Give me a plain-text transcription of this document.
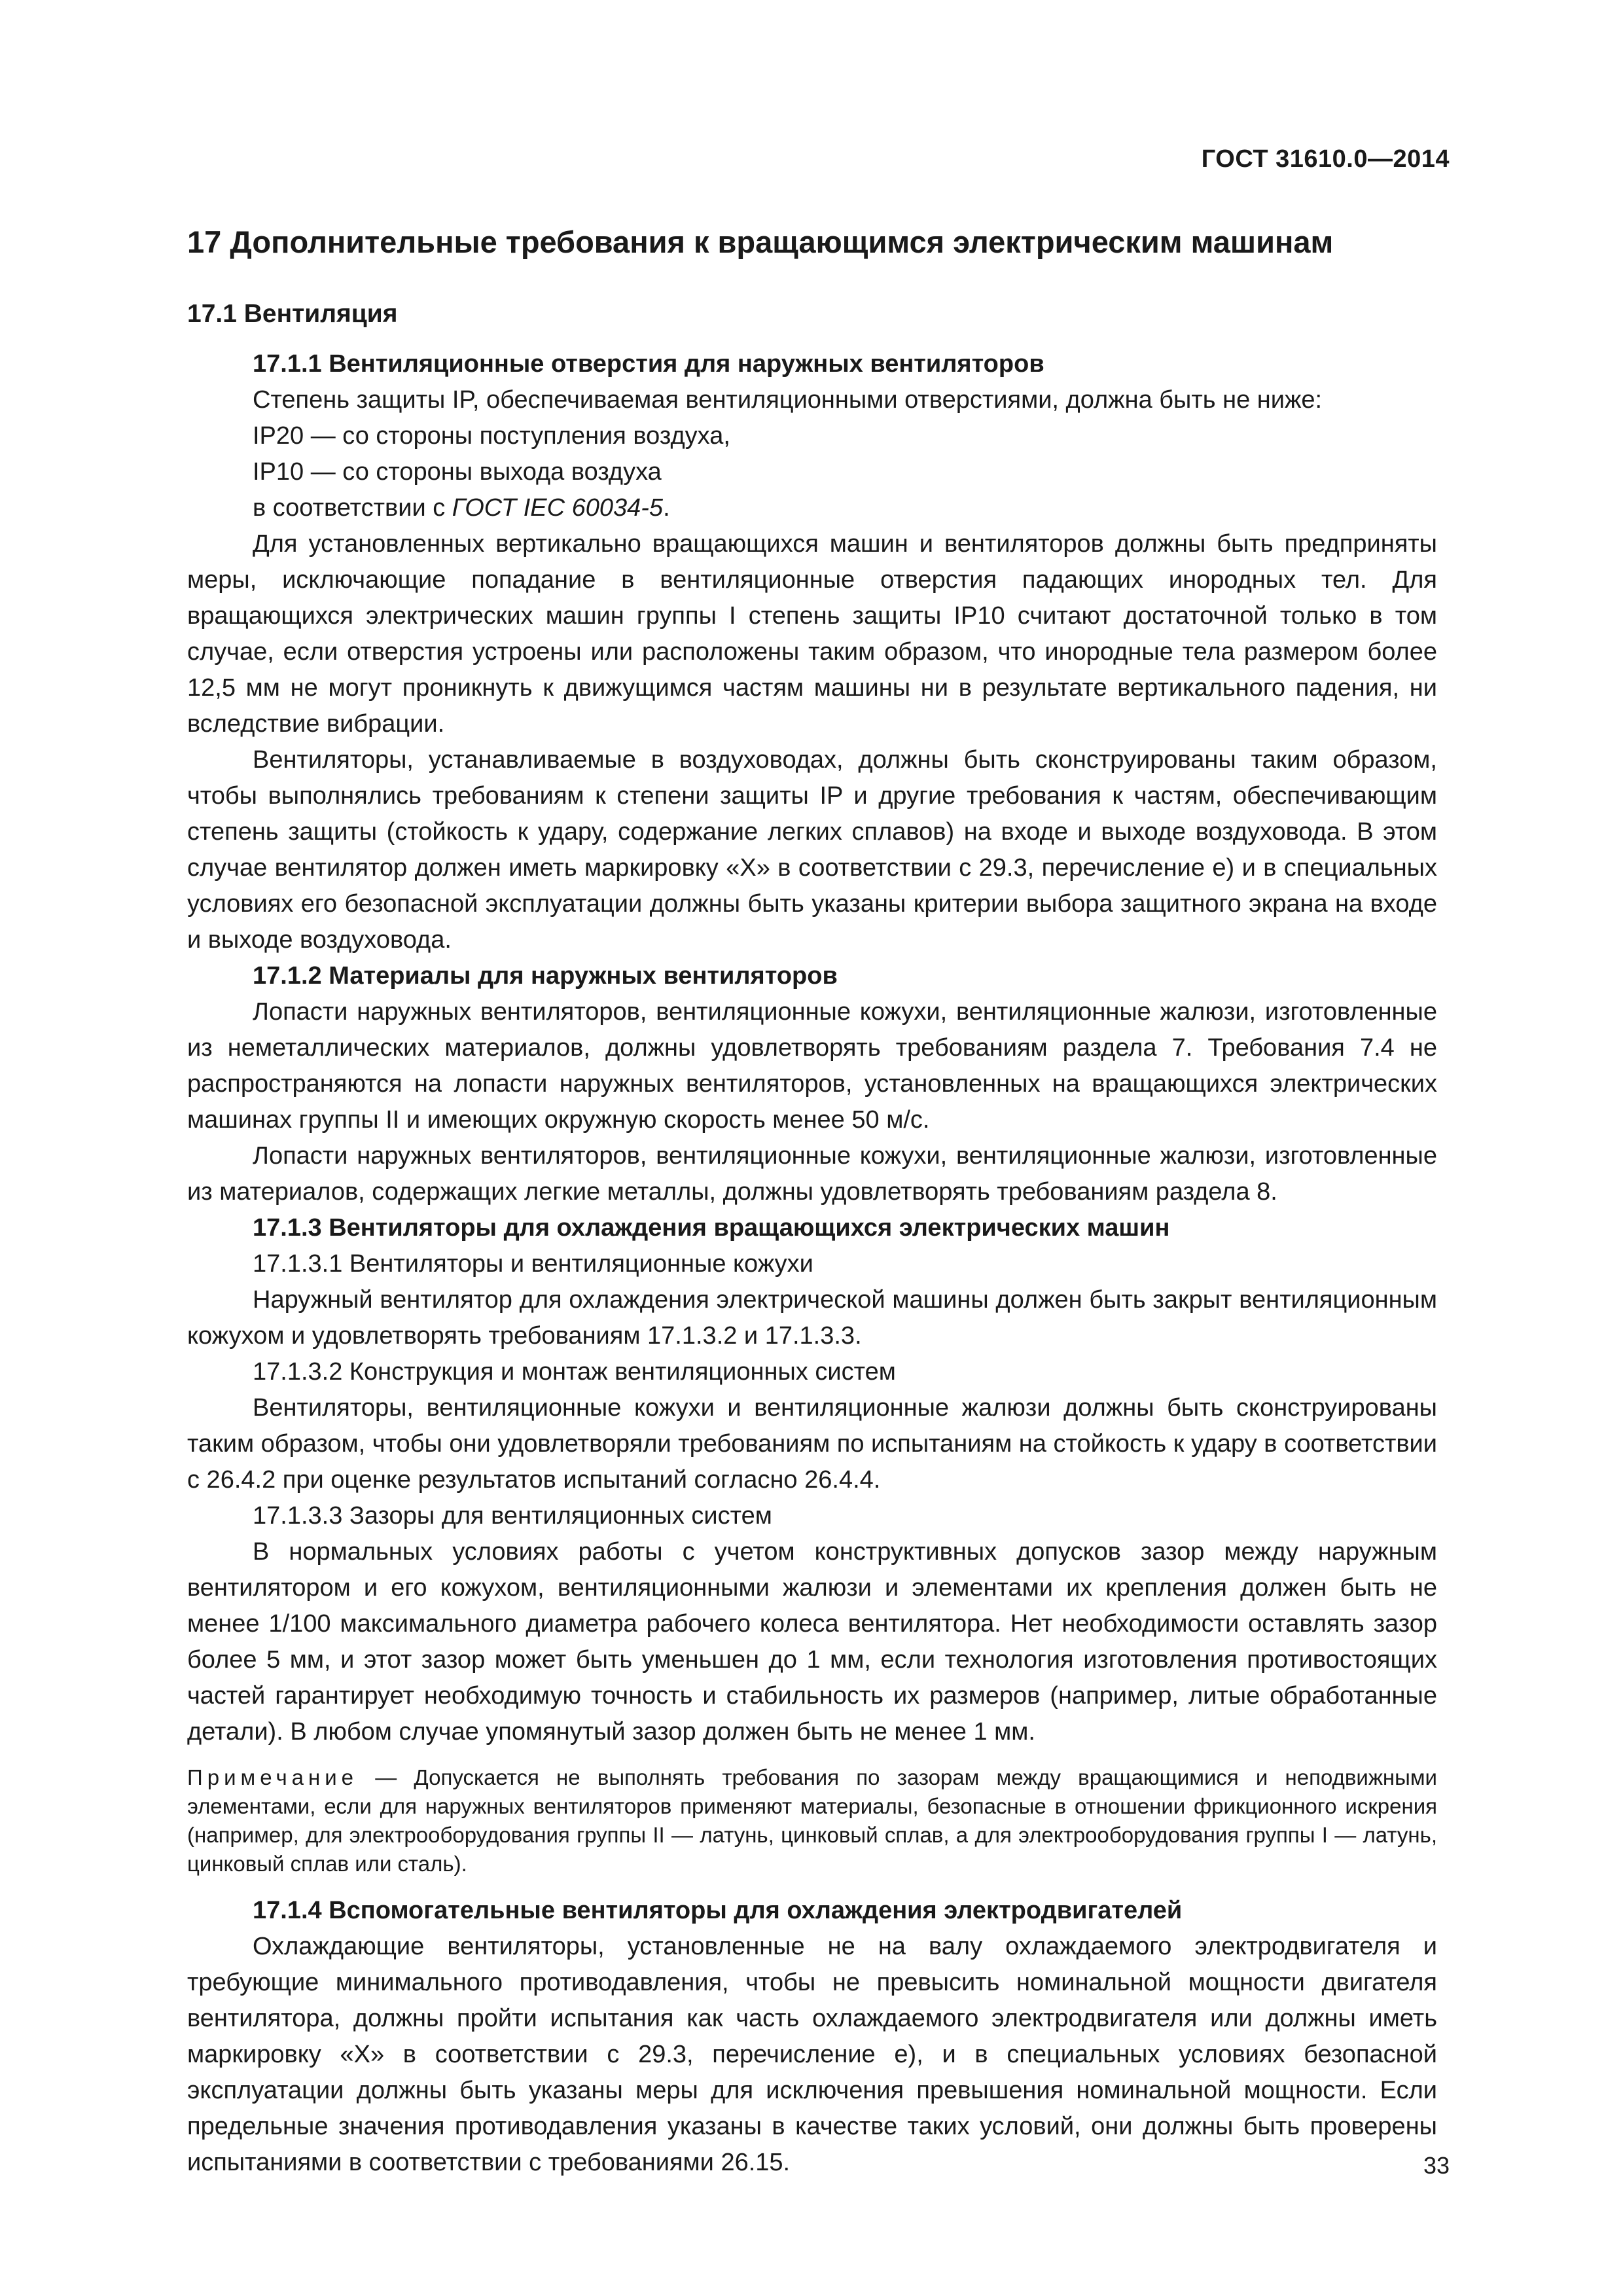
ГОСТ 31610.0—2014
17 Дополнительные требования к вращающимся электрическим машинам
17.1 Вентиляция
17.1.1 Вентиляционные отверстия для наружных вентиляторов
Степень защиты IP, обеспечиваемая вентиляционными отверстиями, должна быть не ниже:
IP20 — со стороны поступления воздуха,
IP10 — со стороны выхода воздуха
в соответствии с ГОСТ IEC 60034-5.

Для установленных вертикально вращающихся машин и вентиляторов должны быть предприняты меры, исключающие попадание в вентиляционные отверстия падающих инородных тел. Для вращающихся электрических машин группы I степень защиты IP10 считают достаточной только в том случае, если отверстия устроены или расположены таким образом, что инородные тела размером более 12,5 мм не могут проникнуть к движущимся частям машины ни в результате вертикального падения, ни вследствие вибрации.

Вентиляторы, устанавливаемые в воздуховодах, должны быть сконструированы таким образом, чтобы выполнялись требованиям к степени защиты IP и другие требования к частям, обеспечивающим степень защиты (стойкость к удару, содержание легких сплавов) на входе и выходе воздуховода. В этом случае вентилятор должен иметь маркировку «X» в соответствии с 29.3, перечисление е) и в специальных условиях его безопасной эксплуатации должны быть указаны критерии выбора защитного экрана на входе и выходе воздуховода.

17.1.2 Материалы для наружных вентиляторов

Лопасти наружных вентиляторов, вентиляционные кожухи, вентиляционные жалюзи, изготовленные из неметаллических материалов, должны удовлетворять требованиям раздела 7. Требования 7.4 не распространяются на лопасти наружных вентиляторов, установленных на вращающихся электрических машинах группы II и имеющих окружную скорость менее 50 м/с.

Лопасти наружных вентиляторов, вентиляционные кожухи, вентиляционные жалюзи, изготовленные из материалов, содержащих легкие металлы, должны удовлетворять требованиям раздела 8.

17.1.3 Вентиляторы для охлаждения вращающихся электрических машин
17.1.3.1 Вентиляторы и вентиляционные кожухи

Наружный вентилятор для охлаждения электрической машины должен быть закрыт вентиляционным кожухом и удовлетворять требованиям 17.1.3.2 и 17.1.3.3.

17.1.3.2 Конструкция и монтаж вентиляционных систем

Вентиляторы, вентиляционные кожухи и вентиляционные жалюзи должны быть сконструированы таким образом, чтобы они удовлетворяли требованиям по испытаниям на стойкость к удару в соответствии с 26.4.2 при оценке результатов испытаний согласно 26.4.4.

17.1.3.3 Зазоры для вентиляционных систем

В нормальных условиях работы с учетом конструктивных допусков зазор между наружным вентилятором и его кожухом, вентиляционными жалюзи и элементами их крепления должен быть не менее 1/100 максимального диаметра рабочего колеса вентилятора. Нет необходимости оставлять зазор более 5 мм, и этот зазор может быть уменьшен до 1 мм, если технология изготовления противостоящих частей гарантирует необходимую точность и стабильность их размеров (например, литые обработанные детали). В любом случае упомянутый зазор должен быть не менее 1 мм.

Примечание — Допускается не выполнять требования по зазорам между вращающимися и неподвижными элементами, если для наружных вентиляторов применяют материалы, безопасные в отношении фрикционного искрения (например, для электрооборудования группы II — латунь, цинковый сплав, а для электрооборудования группы I — латунь, цинковый сплав или сталь).
17.1.4 Вспомогательные вентиляторы для охлаждения электродвигателей

Охлаждающие вентиляторы, установленные не на валу охлаждаемого электродвигателя и требующие минимального противодавления, чтобы не превысить номинальной мощности двигателя вентилятора, должны пройти испытания как часть охлаждаемого электродвигателя или должны иметь маркировку «X» в соответствии с 29.3, перечисление е), и в специальных условиях безопасной эксплуатации должны быть указаны меры для исключения превышения номинальной мощности. Если предельные значения противодавления указаны в качестве таких условий, они должны быть проверены испытаниями в соответствии с требованиями 26.15.	33
